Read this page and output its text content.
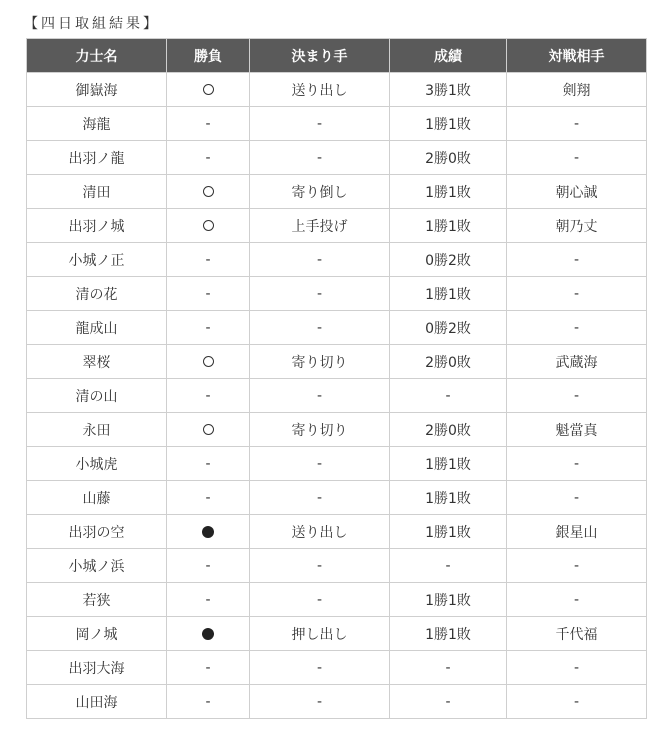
【四日取組結果】
力士名	勝負	決まり手	成績	対戦相手
御嶽海		送り出し	3勝1敗	剣翔
海龍	-	-	1勝1敗	-
出羽ノ龍	-	-	2勝0敗	-
清田		寄り倒し	1勝1敗	朝心誠
出羽ノ城		上手投げ	1勝1敗	朝乃丈
小城ノ正	-	-	0勝2敗	-
清の花	-	-	1勝1敗	-
龍成山	-	-	0勝2敗	-
翠桜		寄り切り	2勝0敗	武蔵海
清の山	-	-	-	-
永田		寄り切り	2勝0敗	魁當真
小城虎	-	-	1勝1敗	-
山藤	-	-	1勝1敗	-
出羽の空		送り出し	1勝1敗	銀星山
小城ノ浜	-	-	-	-
若狭	-	-	1勝1敗	-
岡ノ城		押し出し	1勝1敗	千代福
出羽大海	-	-	-	-
山田海	-	-	-	-
